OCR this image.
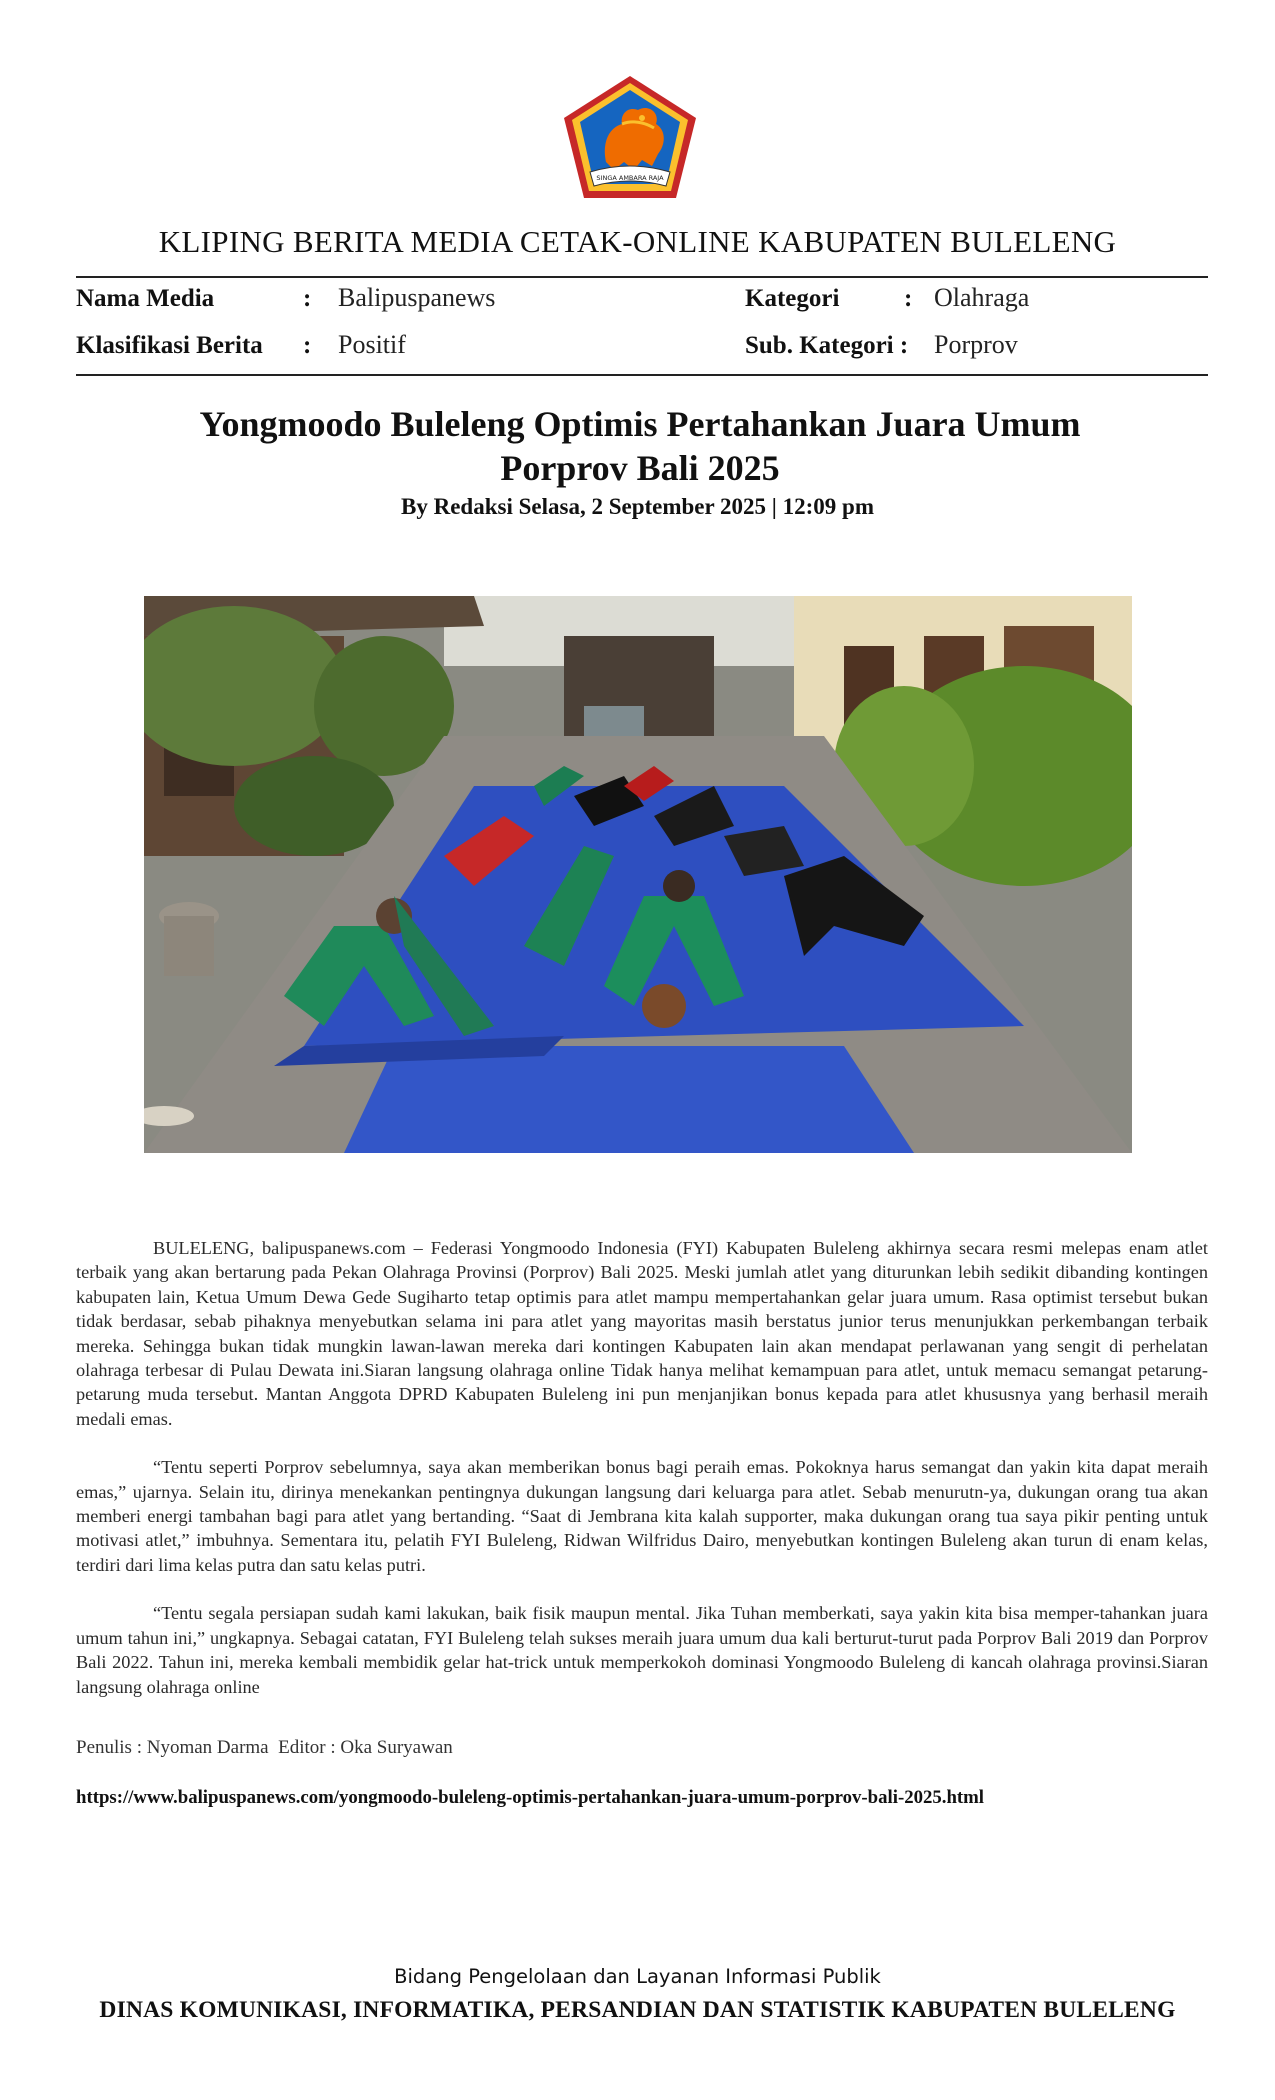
SINGA AMBARA RAJA
KLIPING BERITA MEDIA CETAK-ONLINE KABUPATEN BULELENG
Nama Media	: Balipuspanews	Kategori	: Olahraga
Klasifikasi Berita : Positif	Sub. Kategori : Porprov
Yongmoodo Buleleng Optimis Pertahankan Juara Umum Porprov Bali 2025
By Redaksi Selasa, 2 September 2025 | 12:09 pm

BULELENG, balipuspanews.com – Federasi Yongmoodo Indonesia (FYI) Kabupaten Buleleng akhirnya secara resmi melepas enam atlet terbaik yang akan bertarung pada Pekan Olahraga Provinsi (Porprov) Bali 2025. Meski jumlah atlet yang diturunkan lebih sedikit dibanding kontingen kabupaten lain, Ketua Umum Dewa Gede Sugiharto tetap optimis para atlet mampu mempertahankan gelar juara umum. Rasa optimist tersebut bukan tidak berdasar, sebab pihaknya menyebutkan selama ini para atlet yang mayoritas masih berstatus junior terus menunjukkan perkembangan terbaik mereka. Sehingga bukan tidak mungkin lawan-lawan mereka dari kontingen Kabupaten lain akan mendapat perlawanan yang sengit di perhelatan olahraga terbesar di Pulau Dewata ini.Siaran langsung olahraga online Tidak hanya melihat kemampuan para atlet, untuk memacu semangat petarung-petarung muda tersebut. Mantan Anggota DPRD Kabupaten Buleleng ini pun menjanjikan bonus kepada para atlet khususnya yang berhasil meraih medali emas.

“Tentu seperti Porprov sebelumnya, saya akan memberikan bonus bagi peraih emas. Pokoknya harus semangat dan yakin kita dapat meraih emas,” ujarnya. Selain itu, dirinya menekankan pentingnya dukungan langsung dari keluarga para atlet. Sebab menurutn-ya, dukungan orang tua akan memberi energi tambahan bagi para atlet yang bertanding. “Saat di Jembrana kita kalah supporter, maka dukungan orang tua saya pikir penting untuk motivasi atlet,” imbuhnya. Sementara itu, pelatih FYI Buleleng, Ridwan Wilfridus Dairo, menyebutkan kontingen Buleleng akan turun di enam kelas, terdiri dari lima kelas putra dan satu kelas putri.

“Tentu segala persiapan sudah kami lakukan, baik fisik maupun mental. Jika Tuhan memberkati, saya yakin kita bisa memper-tahankan juara umum tahun ini,” ungkapnya. Sebagai catatan, FYI Buleleng telah sukses meraih juara umum dua kali berturut-turut pada Porprov Bali 2019 dan Porprov Bali 2022. Tahun ini, mereka kembali membidik gelar hat-trick untuk memperkokoh dominasi Yongmoodo Buleleng di kancah olahraga provinsi.Siaran langsung olahraga online

Penulis : Nyoman Darma  Editor : Oka Suryawan
https://www.balipuspanews.com/yongmoodo-buleleng-optimis-pertahankan-juara-umum-porprov-bali-2025.html
Bidang Pengelolaan dan Layanan Informasi Publik
DINAS KOMUNIKASI, INFORMATIKA, PERSANDIAN DAN STATISTIK KABUPATEN BULELENG
